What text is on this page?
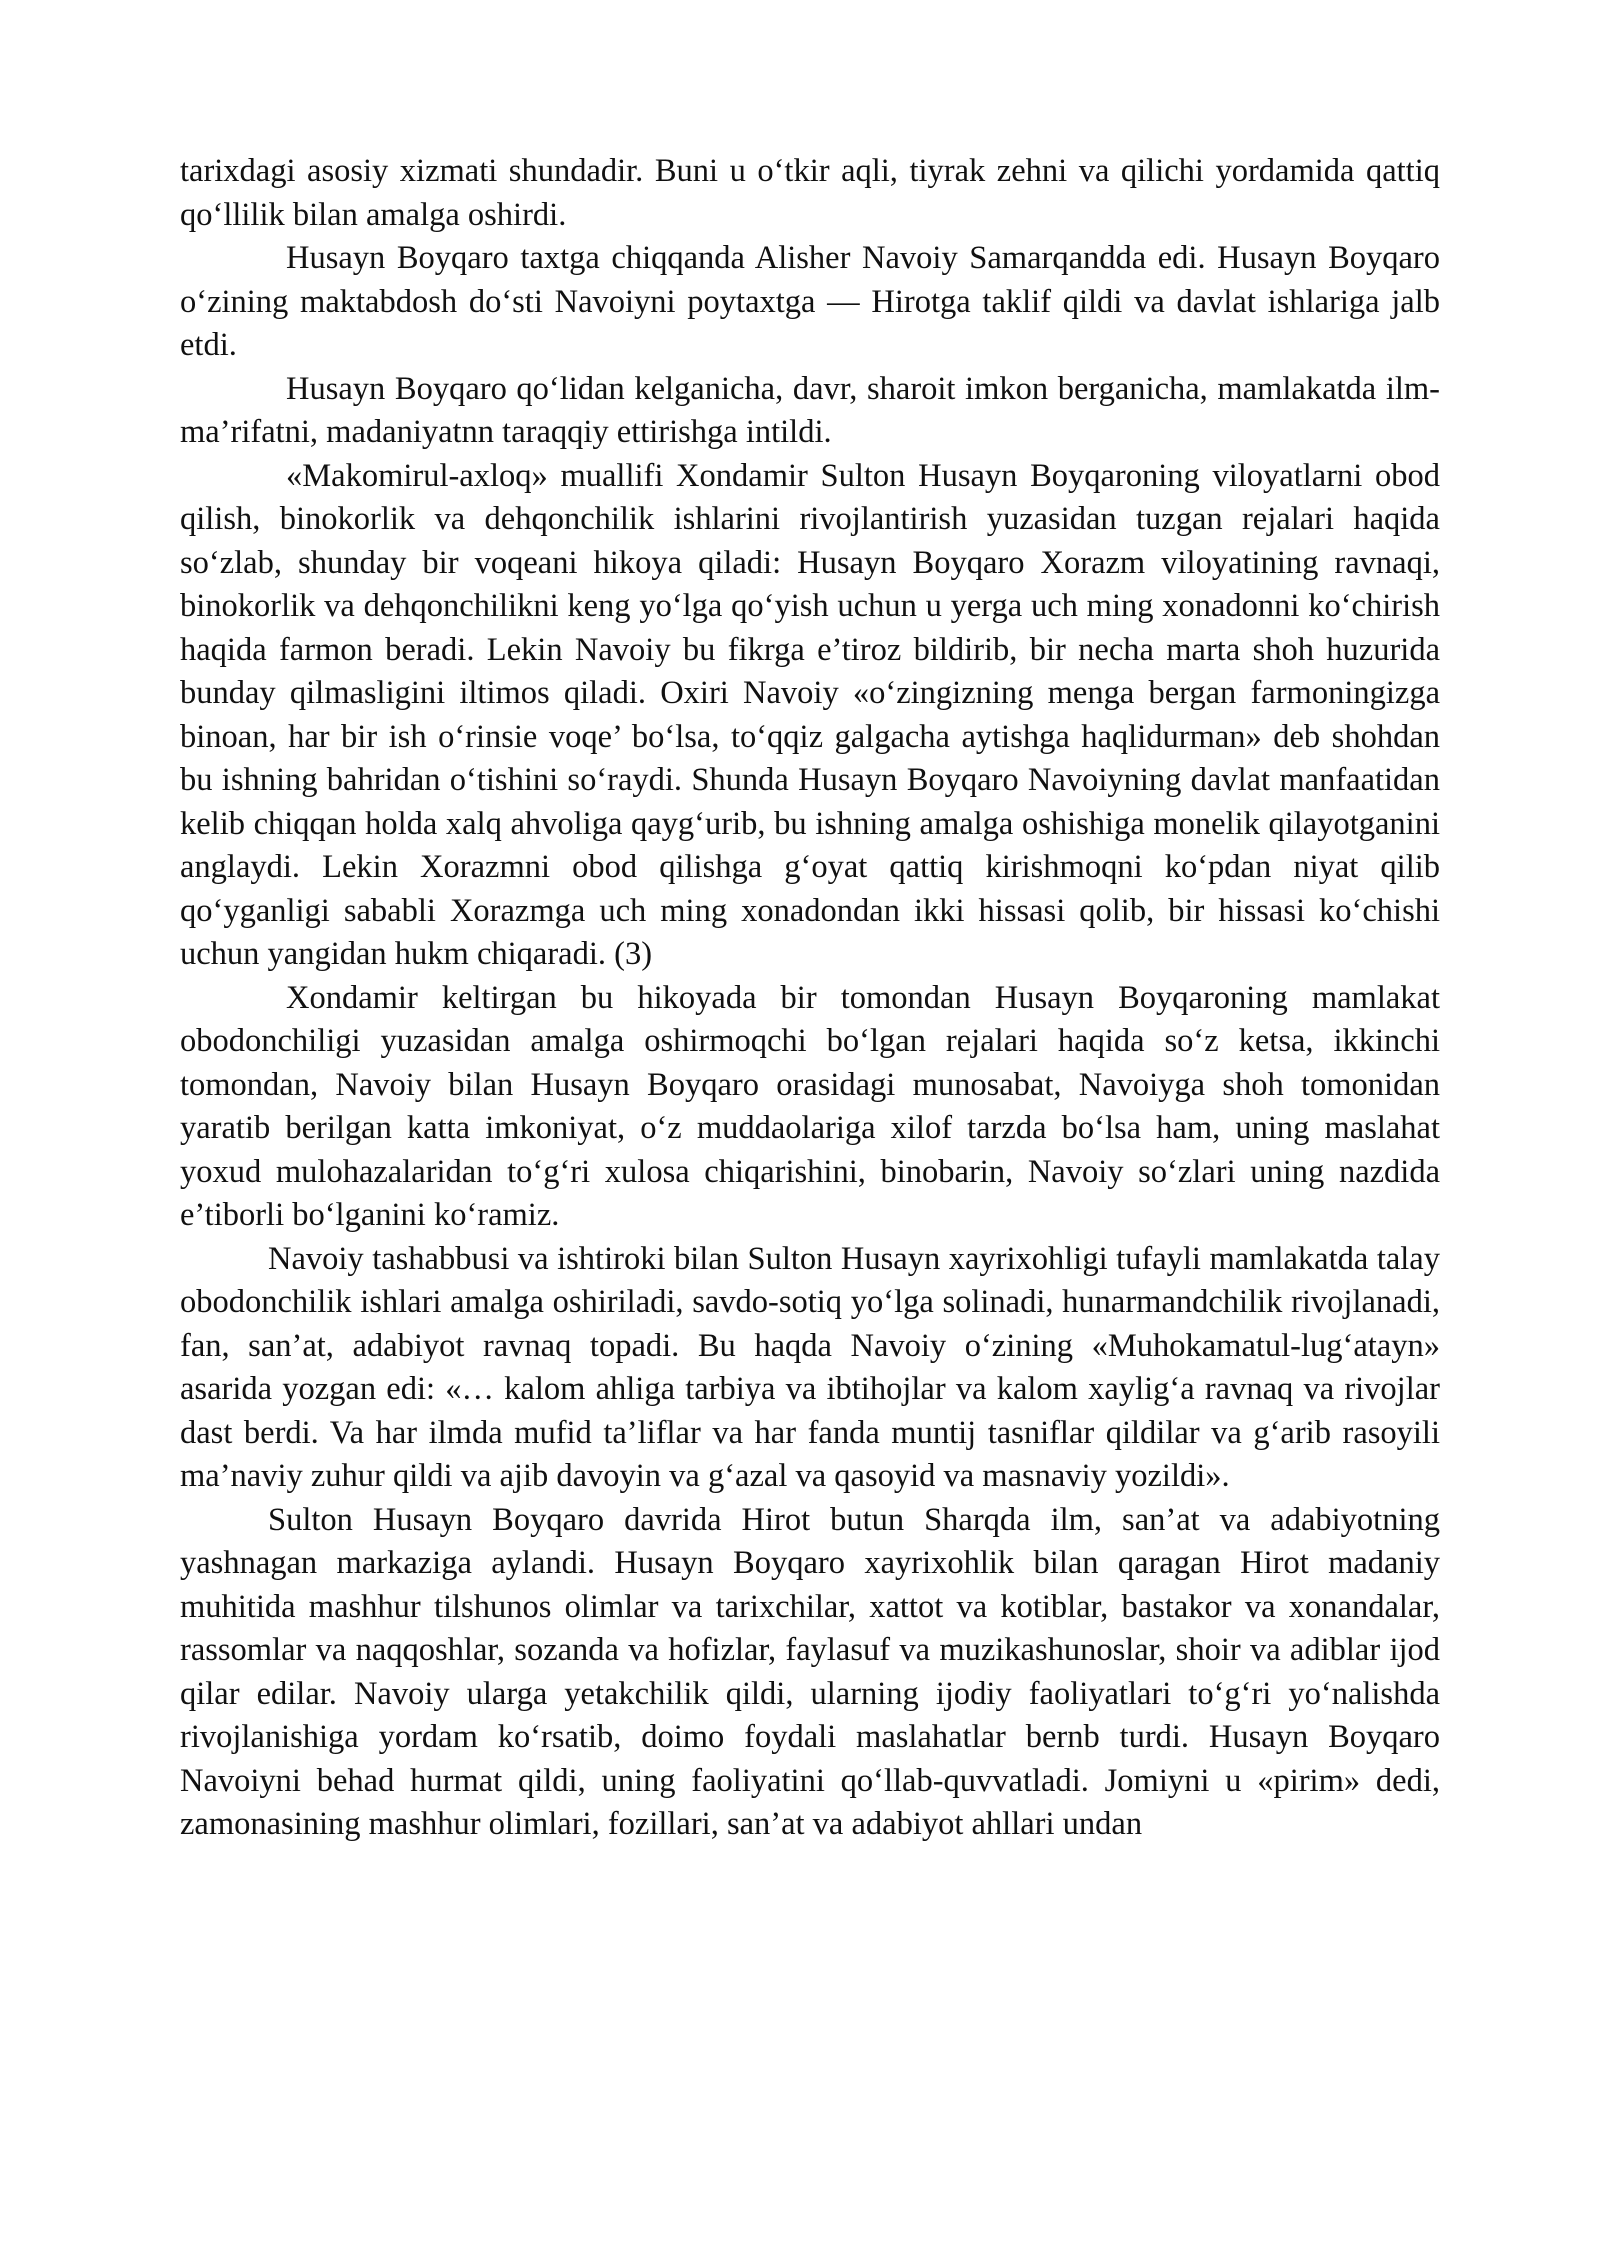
tarixdagi asosiy xizmati shundadir. Buni u o‘tkir aqli, tiyrak zehni va qilichi yordamida qattiq qo‘llilik bilan amalga oshirdi.

Husayn Boyqaro taxtga chiqqanda Alisher Navoiy Samarqandda edi. Husayn Boyqaro o‘zining maktabdosh do‘sti Navoiyni poytaxtga — Hirotga taklif qildi va davlat ishlariga jalb etdi.

Husayn Boyqaro qo‘lidan kelganicha, davr, sharoit imkon berganicha, mamlakatda ilm-ma’rifatni, madaniyatnn taraqqiy ettirishga intildi.

«Makomirul-axloq» muallifi Xondamir Sulton Husayn Boyqaroning viloyatlarni obod qilish, binokorlik va dehqonchilik ishlarini rivojlantirish yuzasidan tuzgan rejalari haqida so‘zlab, shunday bir voqeani hikoya qiladi: Husayn Boyqaro Xorazm viloyatining ravnaqi, binokorlik va dehqonchilikni keng yo‘lga qo‘yish uchun u yerga uch ming xonadonni ko‘chirish haqida farmon beradi. Lekin Navoiy bu fikrga e’tiroz bildirib, bir necha marta shoh huzurida bunday qilmasligini iltimos qiladi. Oxiri Navoiy «o‘zingizning menga bergan farmoningizga binoan, har bir ish o‘rinsie voqe’ bo‘lsa, to‘qqiz galgacha aytishga haqlidurman» deb shohdan bu ishning bahridan o‘tishini so‘raydi. Shunda Husayn Boyqaro Navoiyning davlat manfaatidan kelib chiqqan holda xalq ahvoliga qayg‘urib, bu ishning amalga oshishiga monelik qilayotganini anglaydi. Lekin Xorazmni obod qilishga g‘oyat qattiq kirishmoqni ko‘pdan niyat qilib qo‘yganligi sababli Xorazmga uch ming xonadondan ikki hissasi qolib, bir hissasi ko‘chishi uchun yangidan hukm chiqaradi. (3)

Xondamir keltirgan bu hikoyada bir tomondan Husayn Boyqaroning mamlakat obodonchiligi yuzasidan amalga oshirmoqchi bo‘lgan rejalari haqida so‘z ketsa, ikkinchi tomondan, Navoiy bilan Husayn Boyqaro orasidagi munosabat, Navoiyga shoh tomonidan yaratib berilgan katta imkoniyat, o‘z muddaolariga xilof tarzda bo‘lsa ham, uning maslahat yoxud mulohazalaridan to‘g‘ri xulosa chiqarishini, binobarin, Navoiy so‘zlari uning nazdida e’tiborli bo‘lganini ko‘ramiz.

Navoiy tashabbusi va ishtiroki bilan Sulton Husayn xayrixohligi tufayli mamlakatda talay obodonchilik ishlari amalga oshiriladi, savdo-sotiq yo‘lga solinadi, hunarmandchilik rivojlanadi, fan, san’at, adabiyot ravnaq topadi. Bu haqda Navoiy o‘zining «Muhokamatul-lug‘atayn» asarida yozgan edi: «… kalom ahliga tarbiya va ibtihojlar va kalom xaylig‘a ravnaq va rivojlar dast berdi. Va har ilmda mufid ta’liflar va har fanda muntij tasniflar qildilar va g‘arib rasoyili ma’naviy zuhur qildi va ajib davoyin va g‘azal va qasoyid va masnaviy yozildi».

Sulton Husayn Boyqaro davrida Hirot butun Sharqda ilm, san’at va adabiyotning yashnagan markaziga aylandi. Husayn Boyqaro xayrixohlik bilan qaragan Hirot madaniy muhitida mashhur tilshunos olimlar va tarixchilar, xattot va kotiblar, bastakor va xonandalar, rassomlar va naqqoshlar, sozanda va hofizlar, faylasuf va muzikashunoslar, shoir va adiblar ijod qilar edilar. Navoiy ularga yetakchilik qildi, ularning ijodiy faoliyatlari to‘g‘ri yo‘nalishda rivojlanishiga yordam ko‘rsatib, doimo foydali maslahatlar bernb turdi. Husayn Boyqaro Navoiyni behad hurmat qildi, uning faoliyatini qo‘llab-quvvatladi. Jomiyni u «pirim» dedi, zamonasining mashhur olimlari, fozillari, san’at va adabiyot ahllari undan
